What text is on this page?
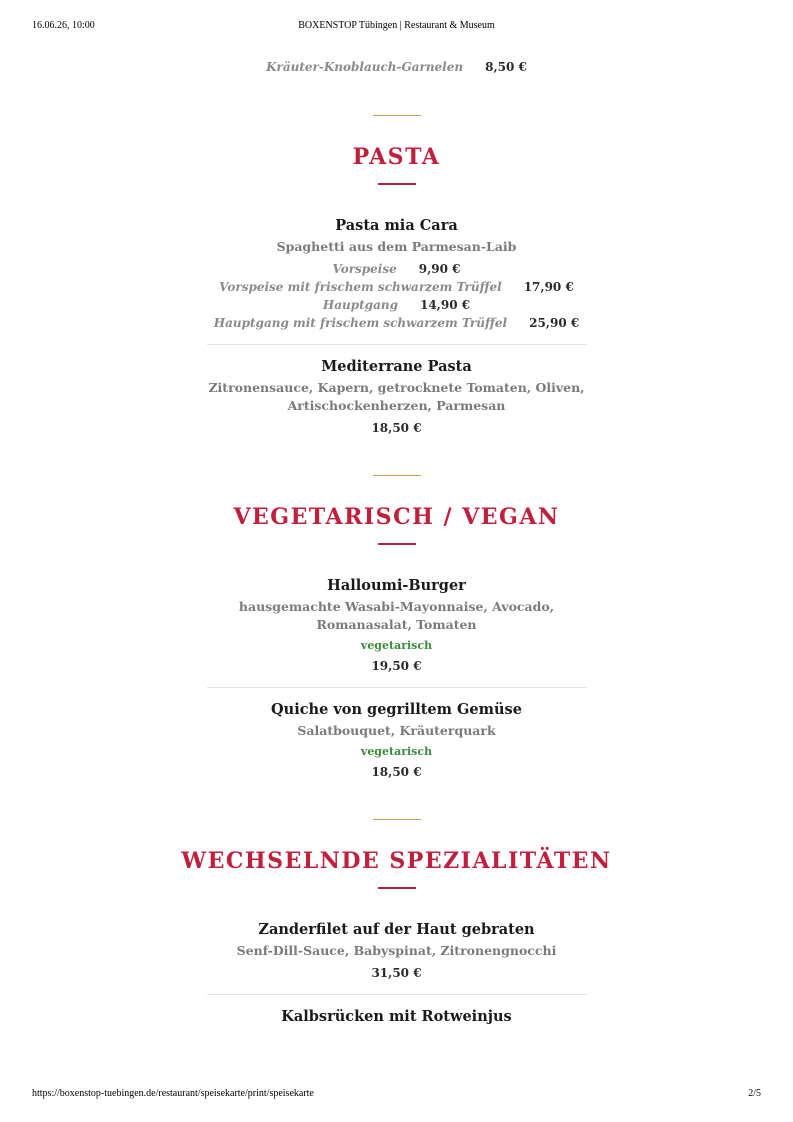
16.06.26, 10:00	BOXENSTOP Tübingen | Restaurant & Museum
Kräuter-Knoblauch-Garnelen 8,50 €
PASTA
Pasta mia Cara
Spaghetti aus dem Parmesan-Laib
Vorspeise 9,90 €
Vorspeise mit frischem schwarzem Trüffel 17,90 €
Hauptgang 14,90 €
Hauptgang mit frischem schwarzem Trüffel 25,90 €
Mediterrane Pasta
Zitronensauce, Kapern, getrocknete Tomaten, Oliven,
Artischockenherzen, Parmesan
18,50 €
VEGETARISCH / VEGAN
Halloumi-Burger
hausgemachte Wasabi-Mayonnaise, Avocado,
Romanasalat, Tomaten
vegetarisch
19,50 €
Quiche von gegrilltem Gemüse
Salatbouquet, Kräuterquark
vegetarisch
18,50 €
WECHSELNDE SPEZIALITÄTEN
Zanderfilet auf der Haut gebraten
Senf-Dill-Sauce, Babyspinat, Zitronengnocchi
31,50 €
Kalbsrücken mit Rotweinjus
https://boxenstop-tuebingen.de/restaurant/speisekarte/print/speisekarte	2/5
